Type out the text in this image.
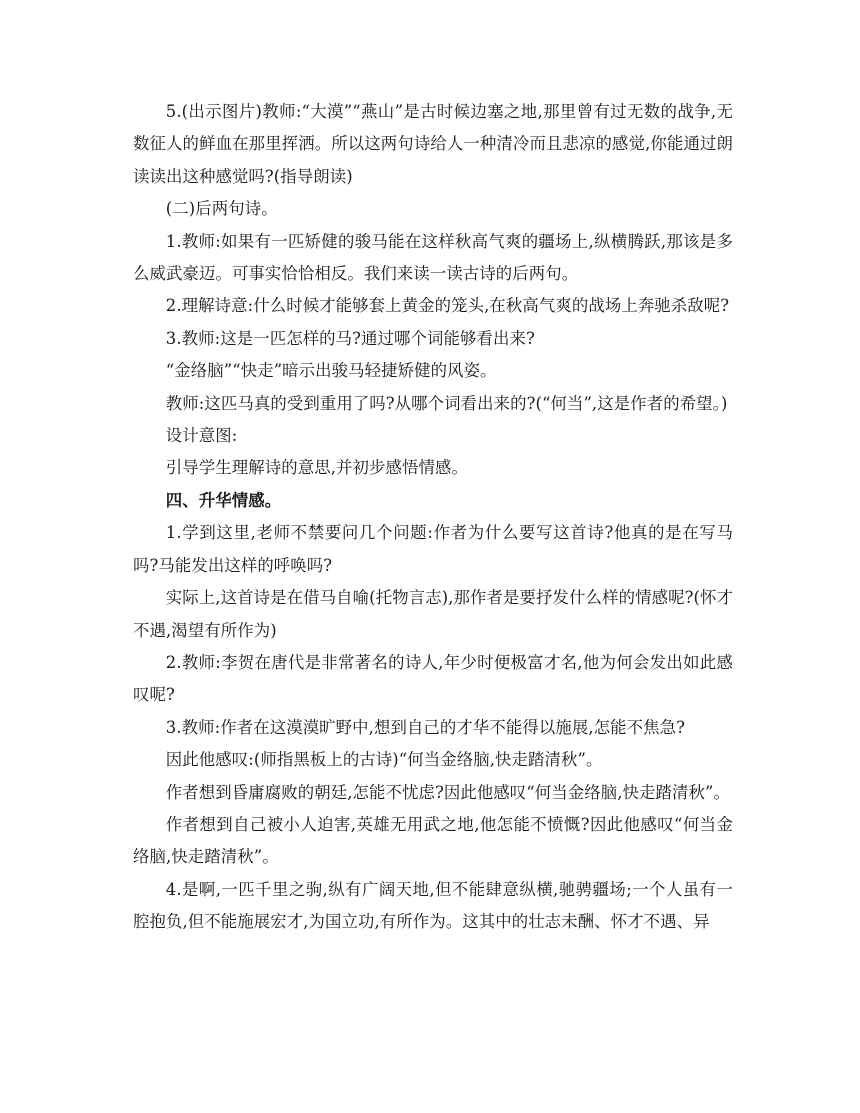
5.(出示图片)教师:“大漠”“燕山”是古时候边塞之地,那里曾有过无数的战争,无数征人的鲜血在那里挥洒。所以这两句诗给人一种清冷而且悲凉的感觉,你能通过朗读读出这种感觉吗?(指导朗读)

(二)后两句诗。

1.教师:如果有一匹矫健的骏马能在这样秋高气爽的疆场上,纵横腾跃,那该是多么威武豪迈。可事实恰恰相反。我们来读一读古诗的后两句。

2.理解诗意:什么时候才能够套上黄金的笼头,在秋高气爽的战场上奔驰杀敌呢?

3.教师:这是一匹怎样的马?通过哪个词能够看出来?

“金络脑”“快走”暗示出骏马轻捷矫健的风姿。

教师:这匹马真的受到重用了吗?从哪个词看出来的?(“何当”,这是作者的希望。)

设计意图:

引导学生理解诗的意思,并初步感悟情感。

四、升华情感。

1.学到这里,老师不禁要问几个问题:作者为什么要写这首诗?他真的是在写马吗?马能发出这样的呼唤吗?

实际上,这首诗是在借马自喻(托物言志),那作者是要抒发什么样的情感呢?(怀才不遇,渴望有所作为)

2.教师:李贺在唐代是非常著名的诗人,年少时便极富才名,他为何会发出如此感叹呢?

3.教师:作者在这漠漠旷野中,想到自己的才华不能得以施展,怎能不焦急?

因此他感叹:(师指黑板上的古诗)“何当金络脑,快走踏清秋”。

作者想到昏庸腐败的朝廷,怎能不忧虑?因此他感叹“何当金络脑,快走踏清秋”。

作者想到自己被小人迫害,英雄无用武之地,他怎能不愤慨?因此他感叹“何当金络脑,快走踏清秋”。

4.是啊,一匹千里之驹,纵有广阔天地,但不能肆意纵横,驰骋疆场;一个人虽有一腔抱负,但不能施展宏才,为国立功,有所作为。这其中的壮志未酬、怀才不遇、异
